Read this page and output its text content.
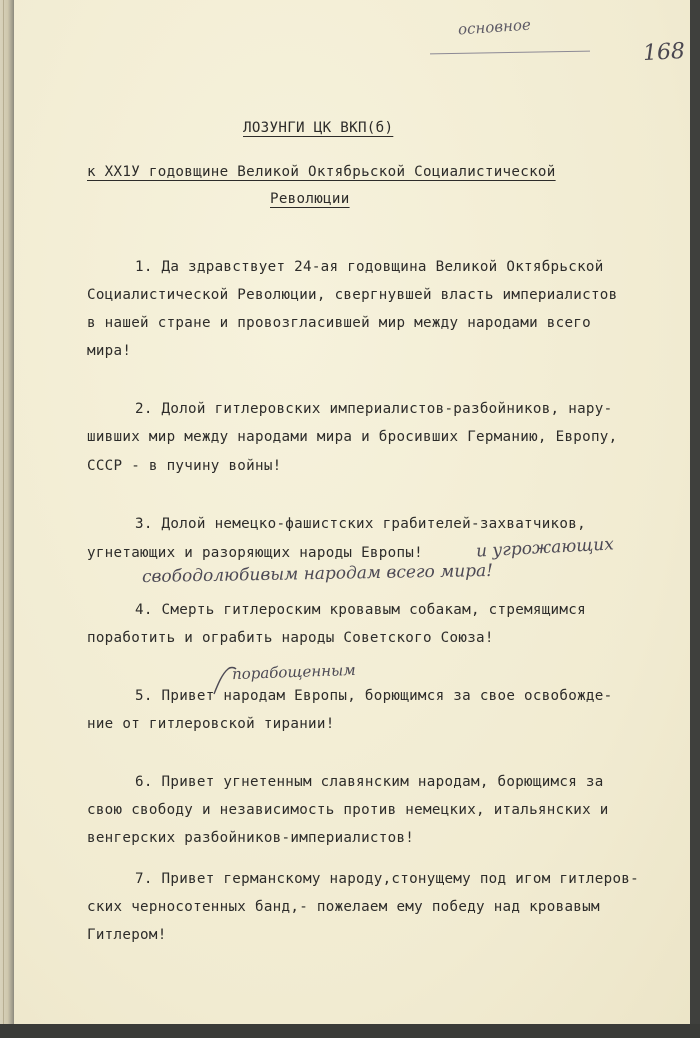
основное
168
ЛОЗУНГИ ЦК ВКП(б)
к ХХ1У годовщине Великой Октябрьской Социалистической
Революции
1. Да здравствует 24-ая годовщина Великой Октябрьской
Социалистической Революции, свергнувшей власть империалистов
в нашей стране и провозгласившей мир между народами всего
мира!
2. Долой гитлеровских империалистов-разбойников, нару-
шивших мир между народами мира и бросивших Германию, Европу,
СССР - в пучину войны!
3. Долой немецко-фашистских грабителей-захватчиков,
угнетающих и разоряющих народы Европы!	и угрожающих
свободолюбивым народам всего мира!
4. Смерть гитлероским кровавым собакам, стремящимся
поработить и ограбить народы Советского Союза!
порабощенным
5. Привет народам Европы, борющимся за свое освобожде-
ние от гитлеровской тирании!
6. Привет угнетенным славянским народам, борющимся за
свою свободу и независимость против немецких, итальянских и
венгерских разбойников-империалистов!
7. Привет германскому народу,стонущему под игом гитлеров-
ских черносотенных банд,- пожелаем ему победу над кровавым
Гитлером!
